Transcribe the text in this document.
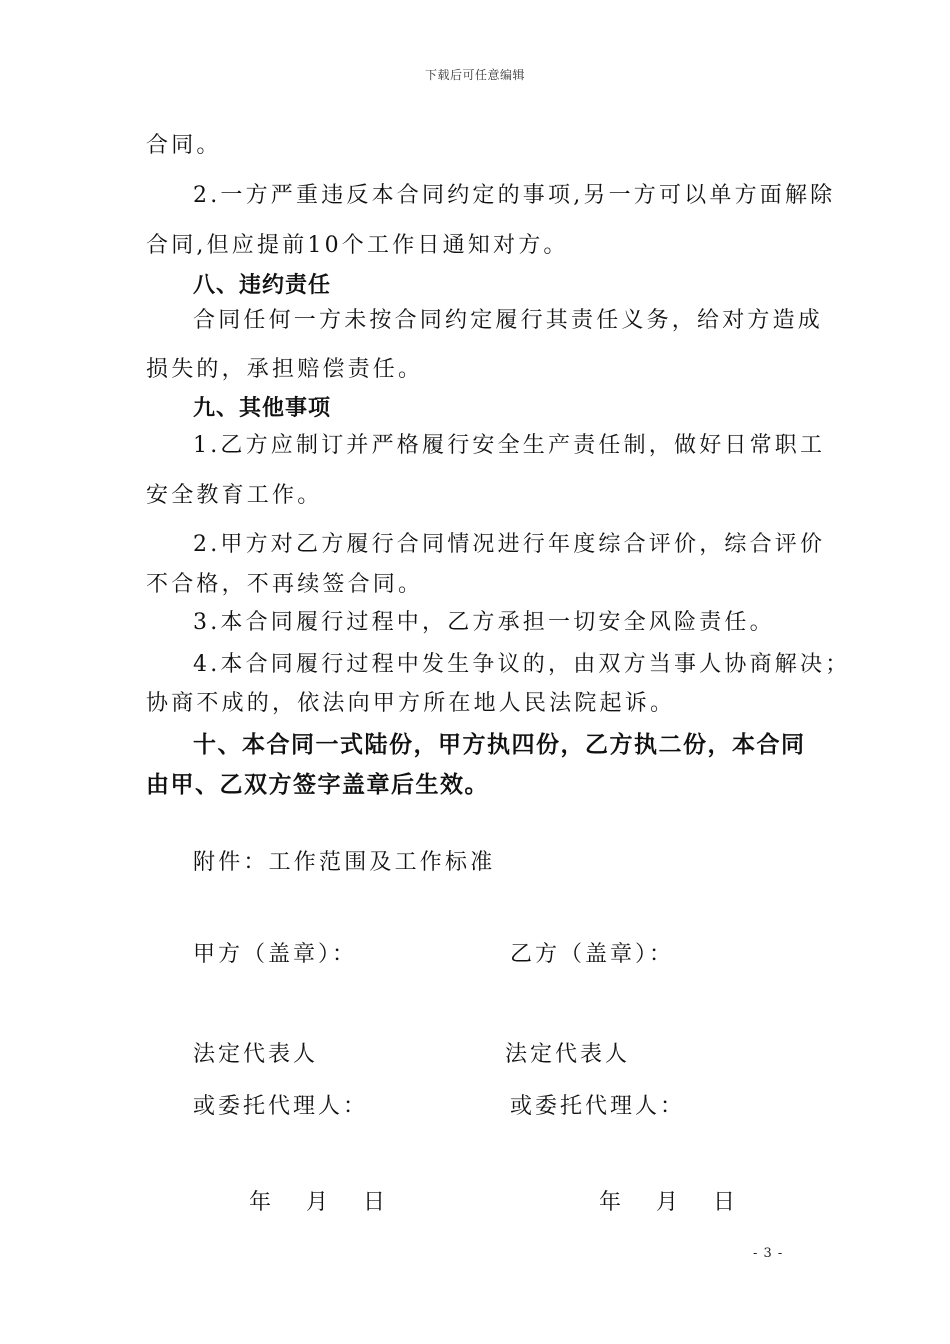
下载后可任意编辑
合同。
2.一方严重违反本合同约定的事项,另一方可以单方面解除
合同,但应提前10个工作日通知对方。
八、违约责任
合同任何一方未按合同约定履行其责任义务，给对方造成
损失的，承担赔偿责任。
九、其他事项
1.乙方应制订并严格履行安全生产责任制，做好日常职工
安全教育工作。
2.甲方对乙方履行合同情况进行年度综合评价，综合评价
不合格，不再续签合同。
3.本合同履行过程中，乙方承担一切安全风险责任。
4.本合同履行过程中发生争议的，由双方当事人协商解决；
协商不成的，依法向甲方所在地人民法院起诉。
十、本合同一式陆份，甲方执四份，乙方执二份，本合同
由甲、乙双方签字盖章后生效。
附件：工作范围及工作标准
甲方（盖章）：	乙方（盖章）：
法定代表人	法定代表人
或委托代理人：	或委托代理人：
年 月 日	年 月 日
- 3 -
